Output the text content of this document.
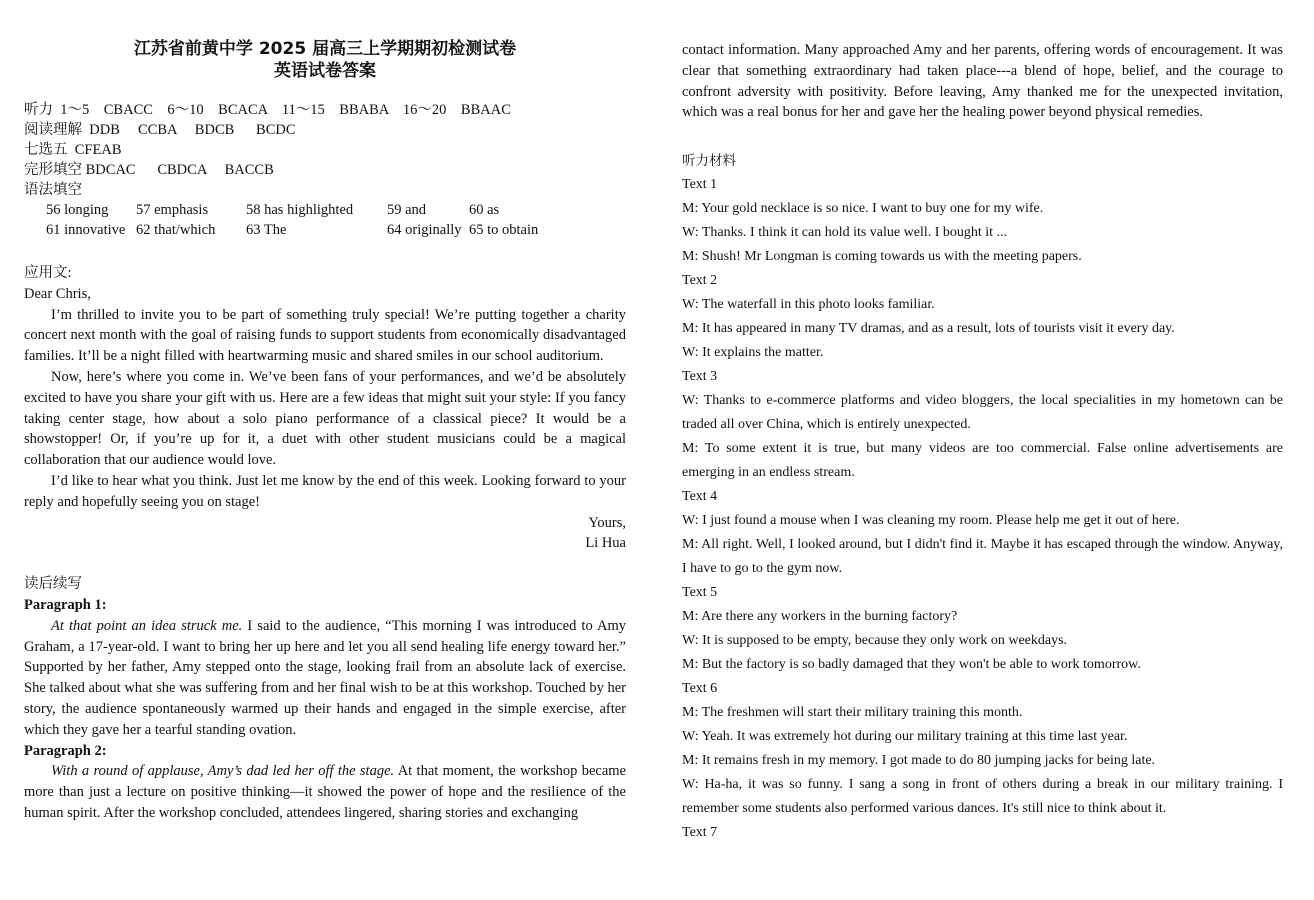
江苏省前黄中学 2025 届高三上学期期初检测试卷
英语试卷答案
听力  1～5    CBACC    6～10    BCACA    11～15    BBABA    16～20    BBAAC
阅读理解  DDB     CCBA     BDCB      BCDC
七选五  CFEAB
完形填空 BDCAC      CBDCA     BACCB
语法填空
56 longing	57 emphasis	58 has highlighted	59 and	60 as
61 innovative 62 that/which	63 The	64 originally 65 to obtain
应用文:
Dear Chris,

I’m thrilled to invite you to be part of something truly special! We’re putting together a charity concert next month with the goal of raising funds to support students from economically disadvantaged families. It’ll be a night filled with heartwarming music and shared smiles in our school auditorium.

Now, here’s where you come in. We’ve been fans of your performances, and we’d be absolutely excited to have you share your gift with us. Here are a few ideas that might suit your style: If you fancy taking center stage, how about a solo piano performance of a classical piece? It would be a showstopper! Or, if you’re up for it, a duet with other student musicians could be a magical collaboration that our audience would love.

I’d like to hear what you think. Just let me know by the end of this week. Looking forward to your reply and hopefully seeing you on stage!

Yours,
Li Hua
读后续写
Paragraph 1:

At that point an idea struck me. I said to the audience, “This morning I was introduced to Amy Graham, a 17-year-old. I want to bring her up here and let you all send healing life energy toward her.” Supported by her father, Amy stepped onto the stage, looking frail from an absolute lack of exercise. She talked about what she was suffering from and her final wish to be at this workshop. Touched by her story, the audience spontaneously warmed up their hands and engaged in the simple exercise, after which they gave her a tearful standing ovation.

Paragraph 2:

With a round of applause, Amy’s dad led her off the stage. At that moment, the workshop became more than just a lecture on positive thinking—it showed the power of hope and the resilience of the human spirit. After the workshop concluded, attendees lingered, sharing stories and exchanging

contact information. Many approached Amy and her parents, offering words of encouragement. It was clear that something extraordinary had taken place---a blend of hope, belief, and the courage to confront adversity with positivity. Before leaving, Amy thanked me for the unexpected invitation, which was a real bonus for her and gave her the healing power beyond physical remedies.

听力材料

Text 1

M: Your gold necklace is so nice. I want to buy one for my wife.

W: Thanks. I think it can hold its value well. I bought it ...

M: Shush! Mr Longman is coming towards us with the meeting papers.

Text 2

W: The waterfall in this photo looks familiar.

M: It has appeared in many TV dramas, and as a result, lots of tourists visit it every day.

W: It explains the matter.

Text 3

W: Thanks to e-commerce platforms and video bloggers, the local specialities in my hometown can be traded all over China, which is entirely unexpected.

M: To some extent it is true, but many videos are too commercial. False online advertisements are emerging in an endless stream.

Text 4

W: I just found a mouse when I was cleaning my room. Please help me get it out of here.

M: All right. Well, I looked around, but I didn't find it. Maybe it has escaped through the window. Anyway, I have to go to the gym now.

Text 5

M: Are there any workers in the burning factory?

W: It is supposed to be empty, because they only work on weekdays.

M: But the factory is so badly damaged that they won't be able to work tomorrow.

Text 6

M: The freshmen will start their military training this month.

W: Yeah. It was extremely hot during our military training at this time last year.

M: It remains fresh in my memory. I got made to do 80 jumping jacks for being late.

W: Ha-ha, it was so funny. I sang a song in front of others during a break in our military training. I remember some students also performed various dances. It's still nice to think about it.

Text 7
